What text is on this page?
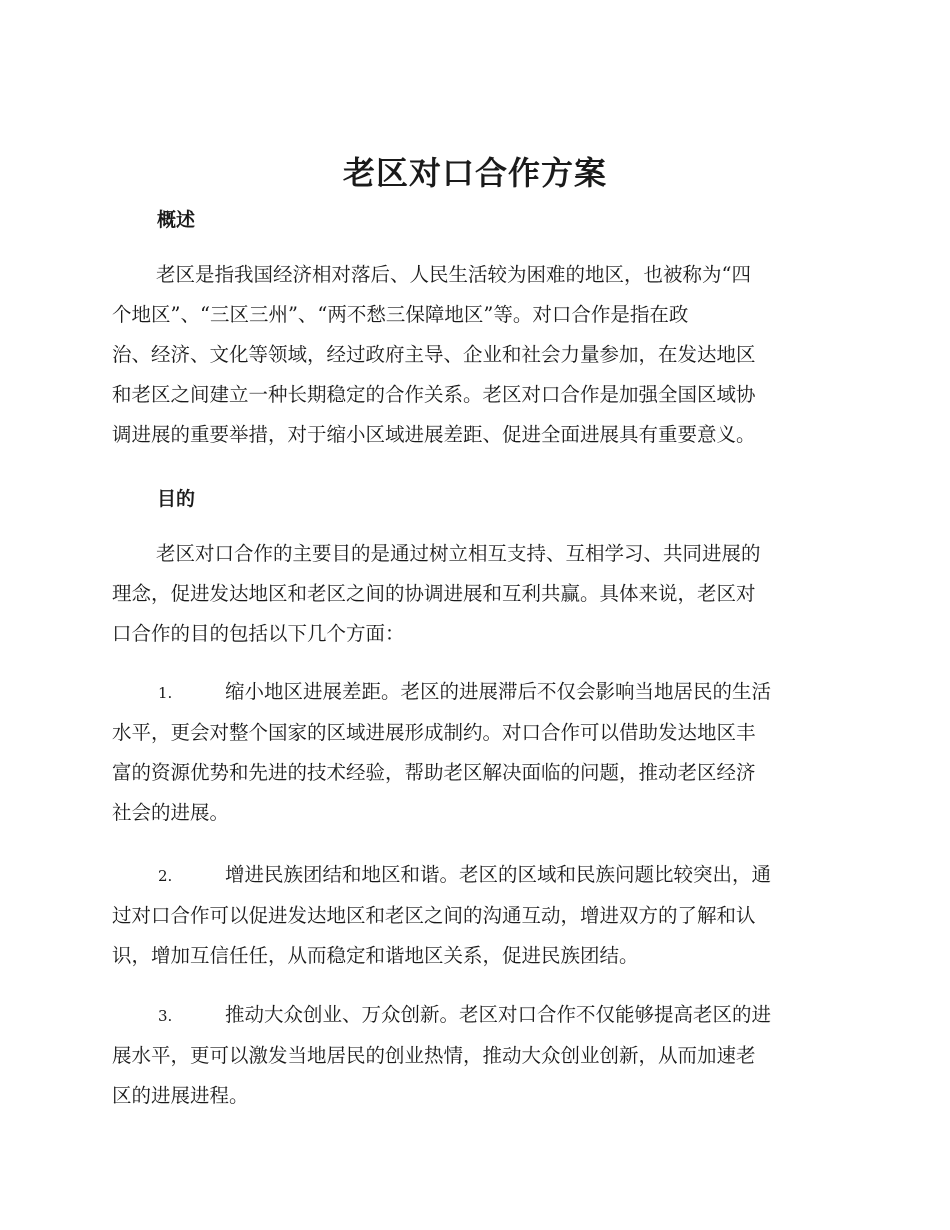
老区对口合作方案
概述

老区是指我国经济相对落后、人民生活较为困难的地区，也被称为“四
个地区”、“三区三州”、“两不愁三保障地区”等。对口合作是指在政
治、经济、文化等领域，经过政府主导、企业和社会力量参加，在发达地区
和老区之间建立一种长期稳定的合作关系。老区对口合作是加强全国区域协
调进展的重要举措，对于缩小区域进展差距、促进全面进展具有重要意义。

目的

老区对口合作的主要目的是通过树立相互支持、互相学习、共同进展的
理念，促进发达地区和老区之间的协调进展和互利共赢。具体来说，老区对
口合作的目的包括以下几个方面：

1.	缩小地区进展差距。老区的进展滞后不仅会影响当地居民的生活
水平，更会对整个国家的区域进展形成制约。对口合作可以借助发达地区丰
富的资源优势和先进的技术经验，帮助老区解决面临的问题，推动老区经济
社会的进展。

2.	增进民族团结和地区和谐。老区的区域和民族问题比较突出，通
过对口合作可以促进发达地区和老区之间的沟通互动，增进双方的了解和认
识，增加互信任任，从而稳定和谐地区关系，促进民族团结。

3.	推动大众创业、万众创新。老区对口合作不仅能够提高老区的进
展水平，更可以激发当地居民的创业热情，推动大众创业创新，从而加速老
区的进展进程。
